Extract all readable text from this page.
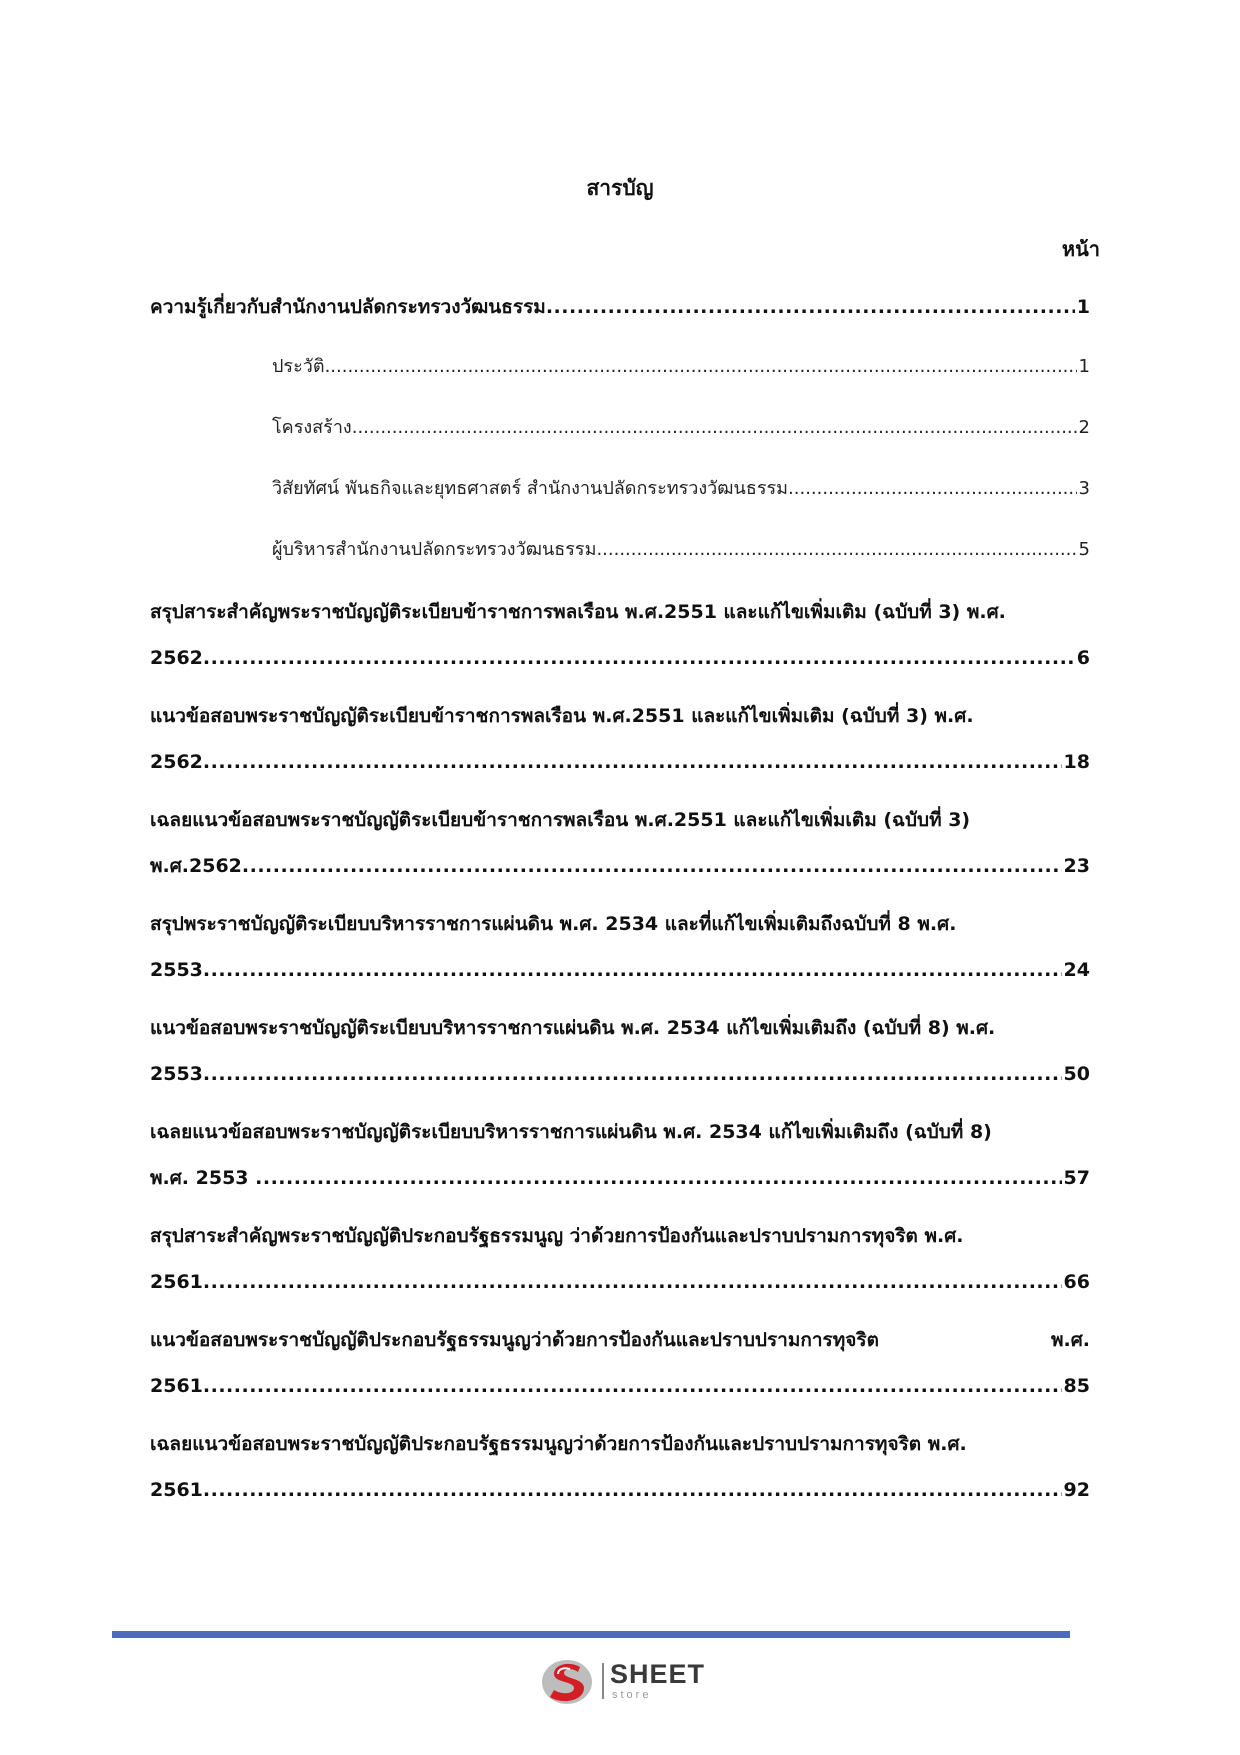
สารบัญ
หน้า
ความรู้เกี่ยวกับสำนักงานปลัดกระทรวงวัฒนธรรม .....	1
ประวัติ .....	1
โครงสร้าง .....	2
วิสัยทัศน์ พันธกิจและยุทธศาสตร์ สำนักงานปลัดกระทรวงวัฒนธรรม .....	3
ผู้บริหารสำนักงานปลัดกระทรวงวัฒนธรรม .....	5
สรุปสาระสำคัญพระราชบัญญัติระเบียบข้าราชการพลเรือน พ.ศ.2551 และแก้ไขเพิ่มเติม (ฉบับที่ 3) พ.ศ.
2562 .....	6
แนวข้อสอบพระราชบัญญัติระเบียบข้าราชการพลเรือน พ.ศ.2551 และแก้ไขเพิ่มเติม (ฉบับที่ 3) พ.ศ.
2562 .....	18
เฉลยแนวข้อสอบพระราชบัญญัติระเบียบข้าราชการพลเรือน พ.ศ.2551 และแก้ไขเพิ่มเติม (ฉบับที่ 3)
พ.ศ.2562 .....	23
สรุปพระราชบัญญัติระเบียบบริหารราชการแผ่นดิน พ.ศ. 2534 และที่แก้ไขเพิ่มเติมถึงฉบับที่ 8 พ.ศ.
2553 .....	24
แนวข้อสอบพระราชบัญญัติระเบียบบริหารราชการแผ่นดิน พ.ศ. 2534 แก้ไขเพิ่มเติมถึง (ฉบับที่ 8) พ.ศ.
2553 .....	50
เฉลยแนวข้อสอบพระราชบัญญัติระเบียบบริหารราชการแผ่นดิน พ.ศ. 2534 แก้ไขเพิ่มเติมถึง (ฉบับที่ 8)
พ.ศ. 2553 .....	57
สรุปสาระสำคัญพระราชบัญญัติประกอบรัฐธรรมนูญ ว่าด้วยการป้องกันและปราบปรามการทุจริต พ.ศ.
2561 .....	66
แนวข้อสอบพระราชบัญญัติประกอบรัฐธรรมนูญว่าด้วยการป้องกันและปราบปรามการทุจริต	พ.ศ.
2561 .....	85
เฉลยแนวข้อสอบพระราชบัญญัติประกอบรัฐธรรมนูญว่าด้วยการป้องกันและปราบปรามการทุจริต พ.ศ.
2561 .....	92
SHEET
store
